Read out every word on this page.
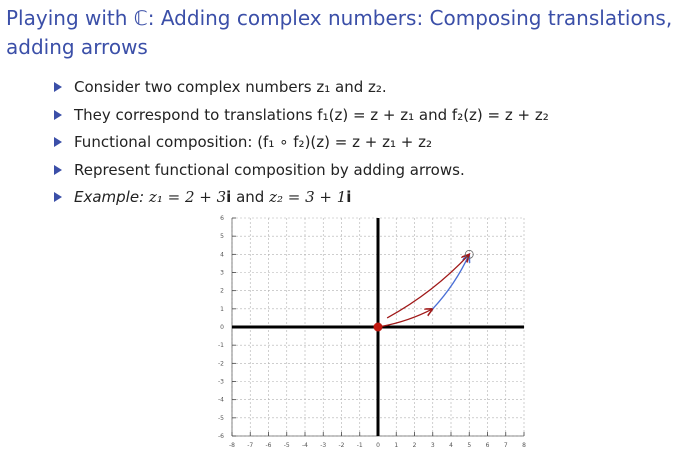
Playing with ℂ: Adding complex numbers: Composing translations, adding arrows
Consider two complex numbers z₁ and z₂.
They correspond to translations f₁(z) = z + z₁ and f₂(z) = z + z₂
Functional composition: (f₁ ∘ f₂)(z) = z + z₁ + z₂
Represent functional composition by adding arrows.
Example: z₁ = 2 + 3i and z₂ = 3 + 1i
-8 -7 -6 -5 -4 -3 -2 -1 0 1 2 3 4 5 6 7 8
-6
-5
-4
-3
-2
-1
0
1
2
3
4
5
6
